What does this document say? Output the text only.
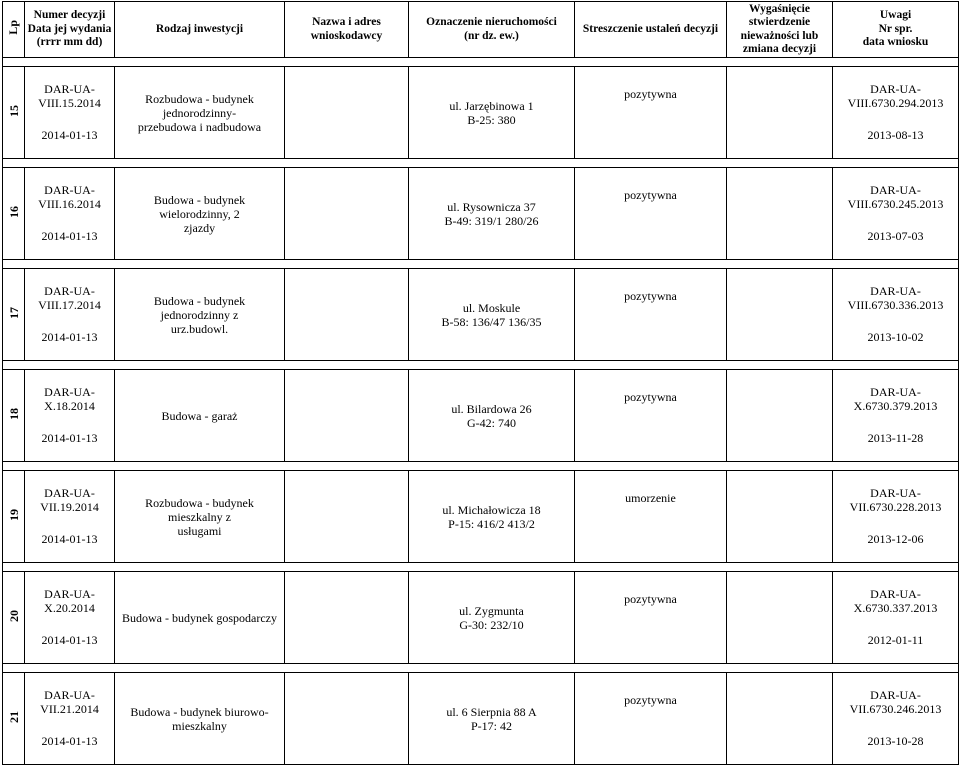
Lp	Numer decyzji
Data jej wydania
(rrrr mm dd)	Rodzaj inwestycji	Nazwa i adres wnioskodawcy	Oznaczenie nieruchomości
(nr dz. ew.)	Streszczenie ustaleń decyzji	Wygaśnięcie
stwierdzenie
nieważności lub
zmiana decyzji	Uwagi
Nr spr.
data wniosku

15	DAR-UA-
VIII.15.2014
2014-01-13	Rozbudowa - budynek jednorodzinny-
przebudowa i nadbudowa		ul. Jarzębinowa 1
B-25: 380	pozytywna		DAR-UA-
VIII.6730.294.2013
2013-08-13

16	DAR-UA-
VIII.16.2014
2014-01-13	Budowa - budynek wielorodzinny, 2
zjazdy		ul. Rysownicza 37
B-49: 319/1 280/26	pozytywna		DAR-UA-
VIII.6730.245.2013
2013-07-03

17	DAR-UA-
VIII.17.2014
2014-01-13	Budowa - budynek jednorodzinny z
urz.budowl.		ul. Moskule
B-58: 136/47 136/35	pozytywna		DAR-UA-
VIII.6730.336.2013
2013-10-02

18	DAR-UA-
X.18.2014
2014-01-13	Budowa - garaż		ul. Bilardowa 26
G-42: 740	pozytywna		DAR-UA-
X.6730.379.2013
2013-11-28

19	DAR-UA-
VII.19.2014
2014-01-13	Rozbudowa - budynek mieszkalny z
usługami		ul. Michałowicza 18
P-15: 416/2 413/2	umorzenie		DAR-UA-
VII.6730.228.2013
2013-12-06

20	DAR-UA-
X.20.2014
2014-01-13	Budowa - budynek gospodarczy		ul. Zygmunta
G-30: 232/10	pozytywna		DAR-UA-
X.6730.337.2013
2012-01-11

21	DAR-UA-
VII.21.2014
2014-01-13	Budowa - budynek biurowo-
mieszkalny		ul. 6 Sierpnia 88 A
P-17: 42	pozytywna		DAR-UA-
VII.6730.246.2013
2013-10-28
